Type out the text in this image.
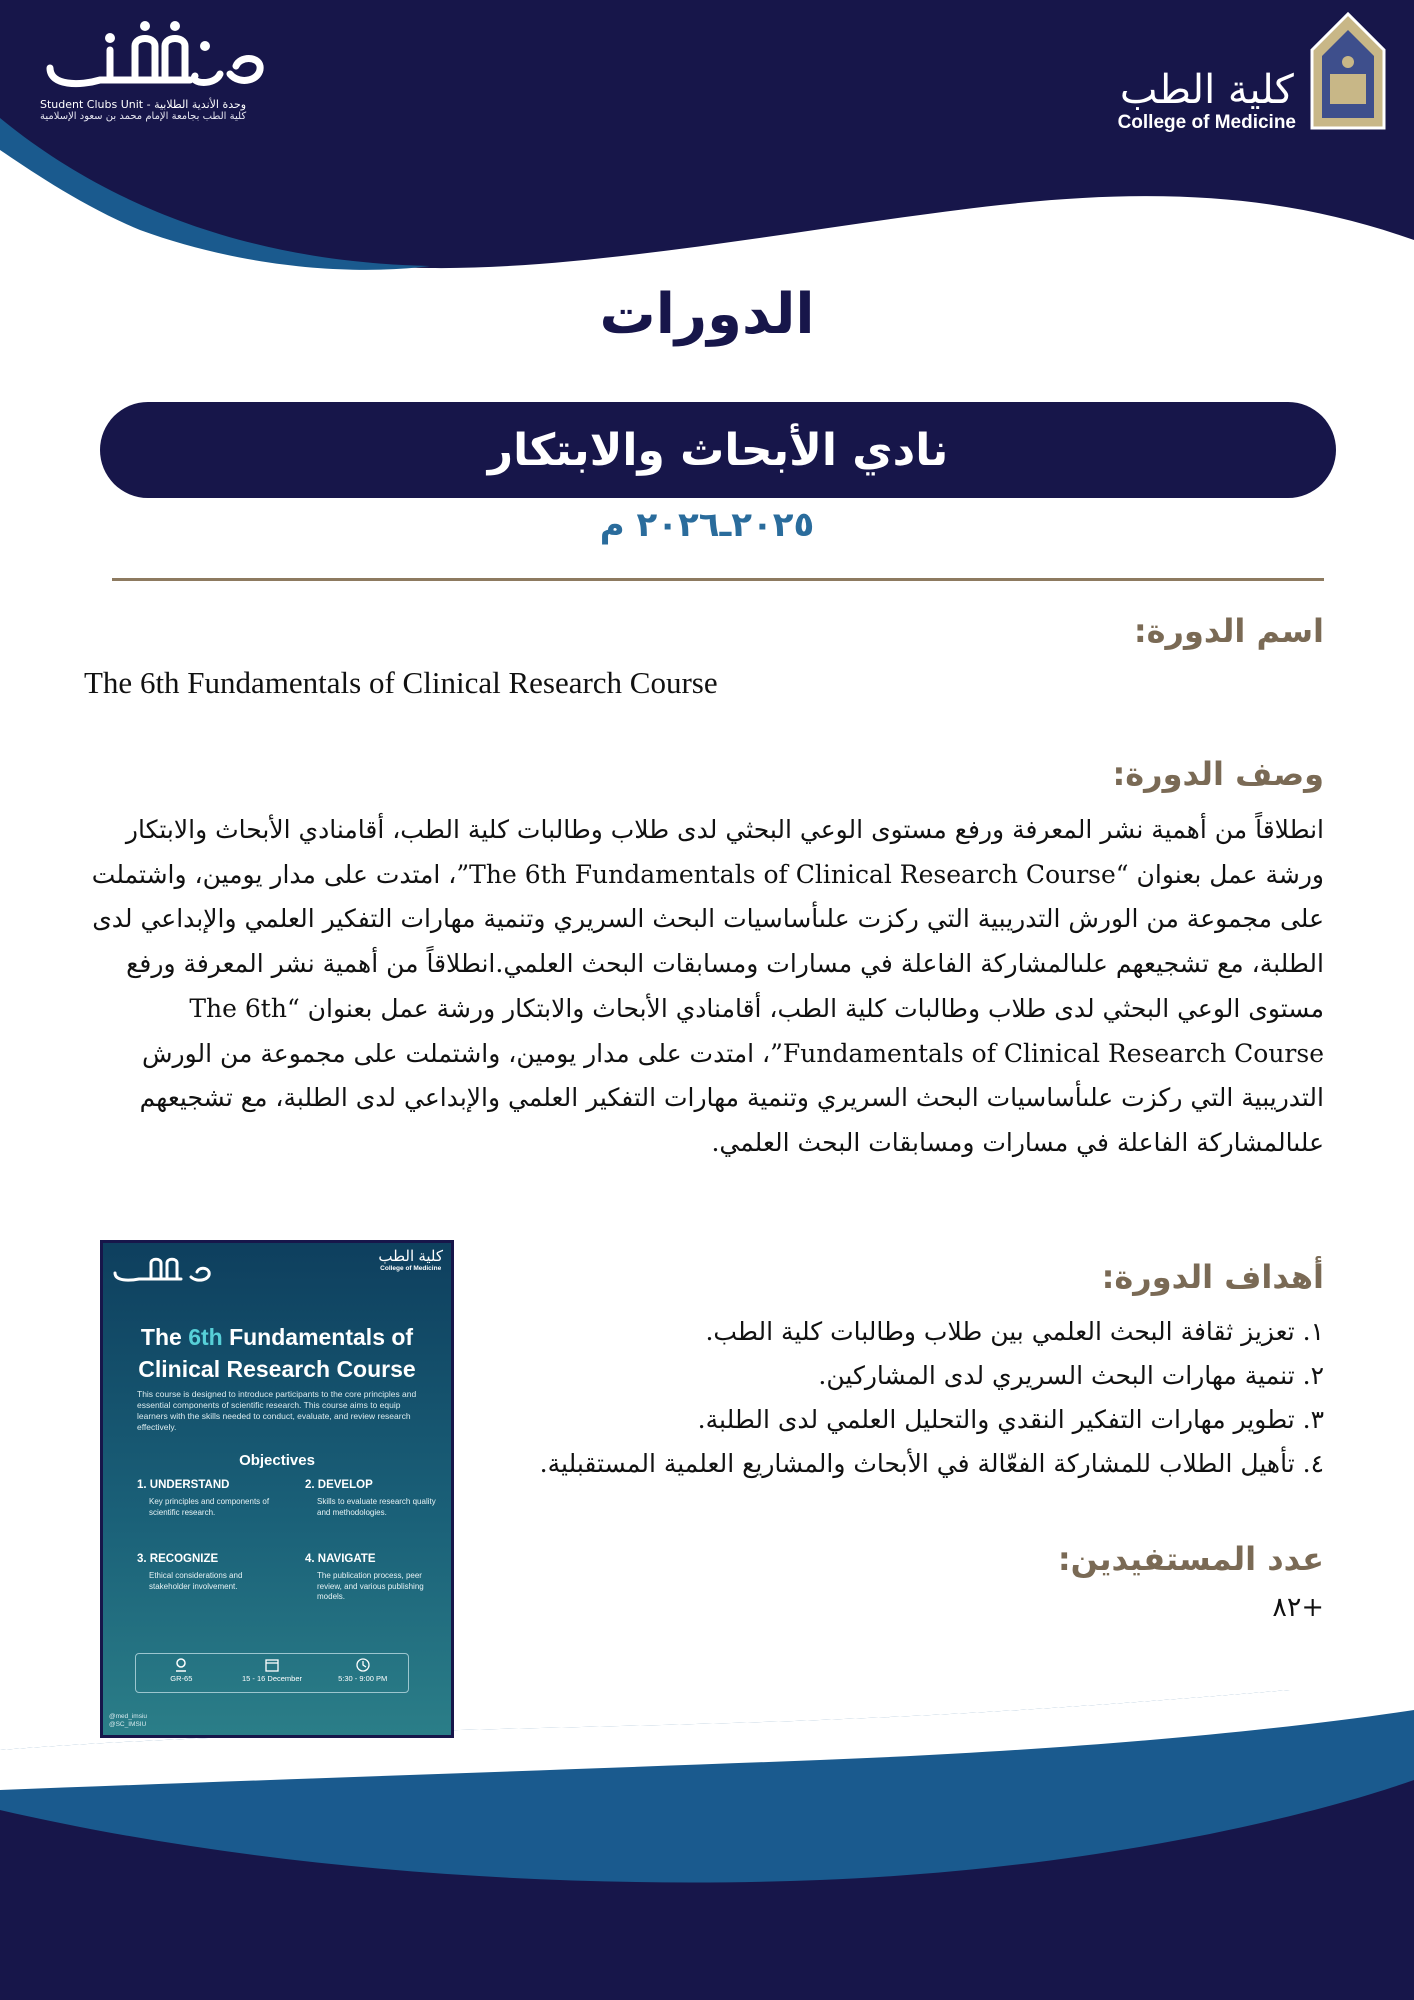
Student Clubs Unit - وحدة الأندية الطلابية
كلية الطب بجامعة الإمام محمد بن سعود الإسلامية
كلية الطب
College of Medicine
الدورات
نادي الأبحاث والابتكار
٢٠٢٥ـ٢٠٢٦ م
اسم الدورة:
The 6th Fundamentals of Clinical Research Course
وصف الدورة:
انطلاقاً من أهمية نشر المعرفة ورفع مستوى الوعي البحثي لدى طلاب وطالبات كلية الطب، أقامنادي الأبحاث والابتكار ورشة عمل بعنوان “The 6th Fundamentals of Clinical Research Course”، امتدت على مدار يومين، واشتملت على مجموعة من الورش التدريبية التي ركزت علىأساسيات البحث السريري وتنمية مهارات التفكير العلمي والإبداعي لدى الطلبة، مع تشجيعهم علىالمشاركة الفاعلة في مسارات ومسابقات البحث العلمي.انطلاقاً من أهمية نشر المعرفة ورفع مستوى الوعي البحثي لدى طلاب وطالبات كلية الطب، أقامنادي الأبحاث والابتكار ورشة عمل بعنوان “The 6th Fundamentals of Clinical Research Course”، امتدت على مدار يومين، واشتملت على مجموعة من الورش التدريبية التي ركزت علىأساسيات البحث السريري وتنمية مهارات التفكير العلمي والإبداعي لدى الطلبة، مع تشجيعهم علىالمشاركة الفاعلة في مسارات ومسابقات البحث العلمي.
أهداف الدورة:
١. تعزيز ثقافة البحث العلمي بين طلاب وطالبات كلية الطب.
٢. تنمية مهارات البحث السريري لدى المشاركين.
٣. تطوير مهارات التفكير النقدي والتحليل العلمي لدى الطلبة.
٤. تأهيل الطلاب للمشاركة الفعّالة في الأبحاث والمشاريع العلمية المستقبلية.
عدد المستفيدين:
+٨٢
كلية الطب
College of Medicine
The 6th Fundamentals of
Clinical Research Course
This course is designed to introduce participants to the core principles and essential components of scientific research. This course aims to equip learners with the skills needed to conduct, evaluate, and review research effectively.
Objectives
1. UNDERSTAND
Key principles and components of scientific research.
2. DEVELOP
Skills to evaluate research quality and methodologies.
3. RECOGNIZE
Ethical considerations and stakeholder involvement.
4. NAVIGATE
The publication process, peer review, and various publishing models.
GR-65	15 - 16 December	5:30 - 9:00 PM
@med_imsiu
@SC_IMSIU
